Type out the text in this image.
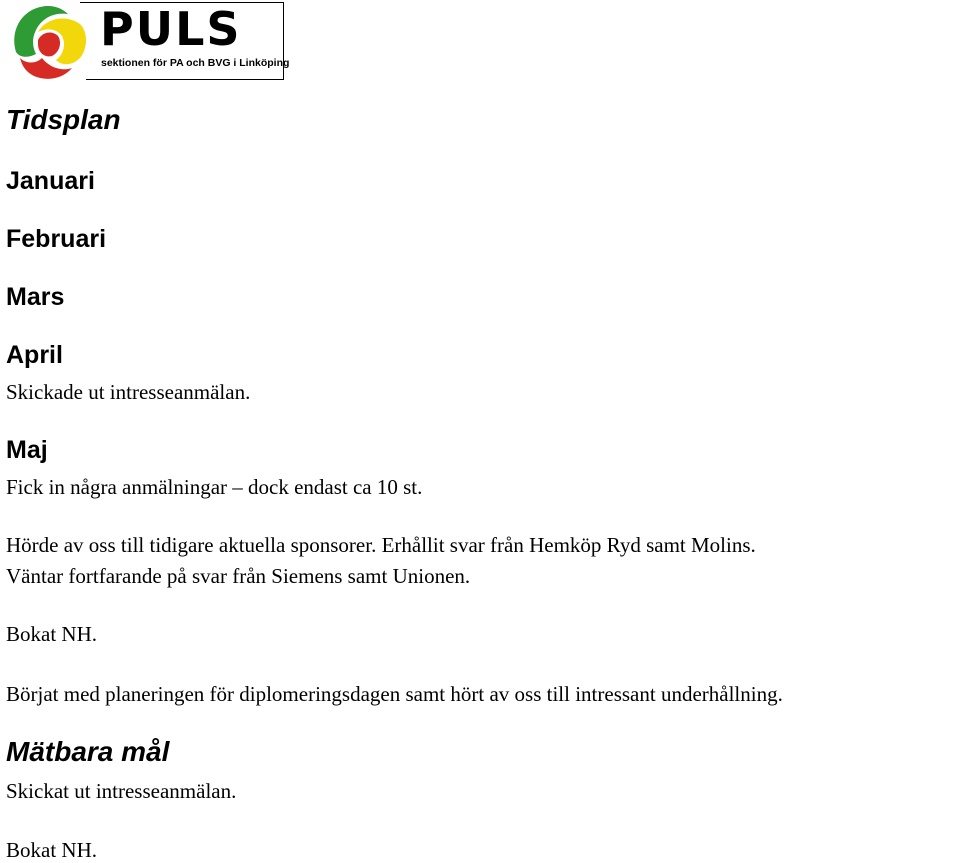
PULS
sektionen för PA och BVG i Linköping
Tidsplan
Januari
Februari
Mars
April

Skickade ut intresseanmälan.

Maj

Fick in några anmälningar – dock endast ca 10 st.

Hörde av oss till tidigare aktuella sponsorer. Erhållit svar från Hemköp Ryd samt Molins.

Väntar fortfarande på svar från Siemens samt Unionen.

Bokat NH.

Börjat med planeringen för diplomeringsdagen samt hört av oss till intressant underhållning.

Mätbara mål

Skickat ut intresseanmälan.

Bokat NH.
